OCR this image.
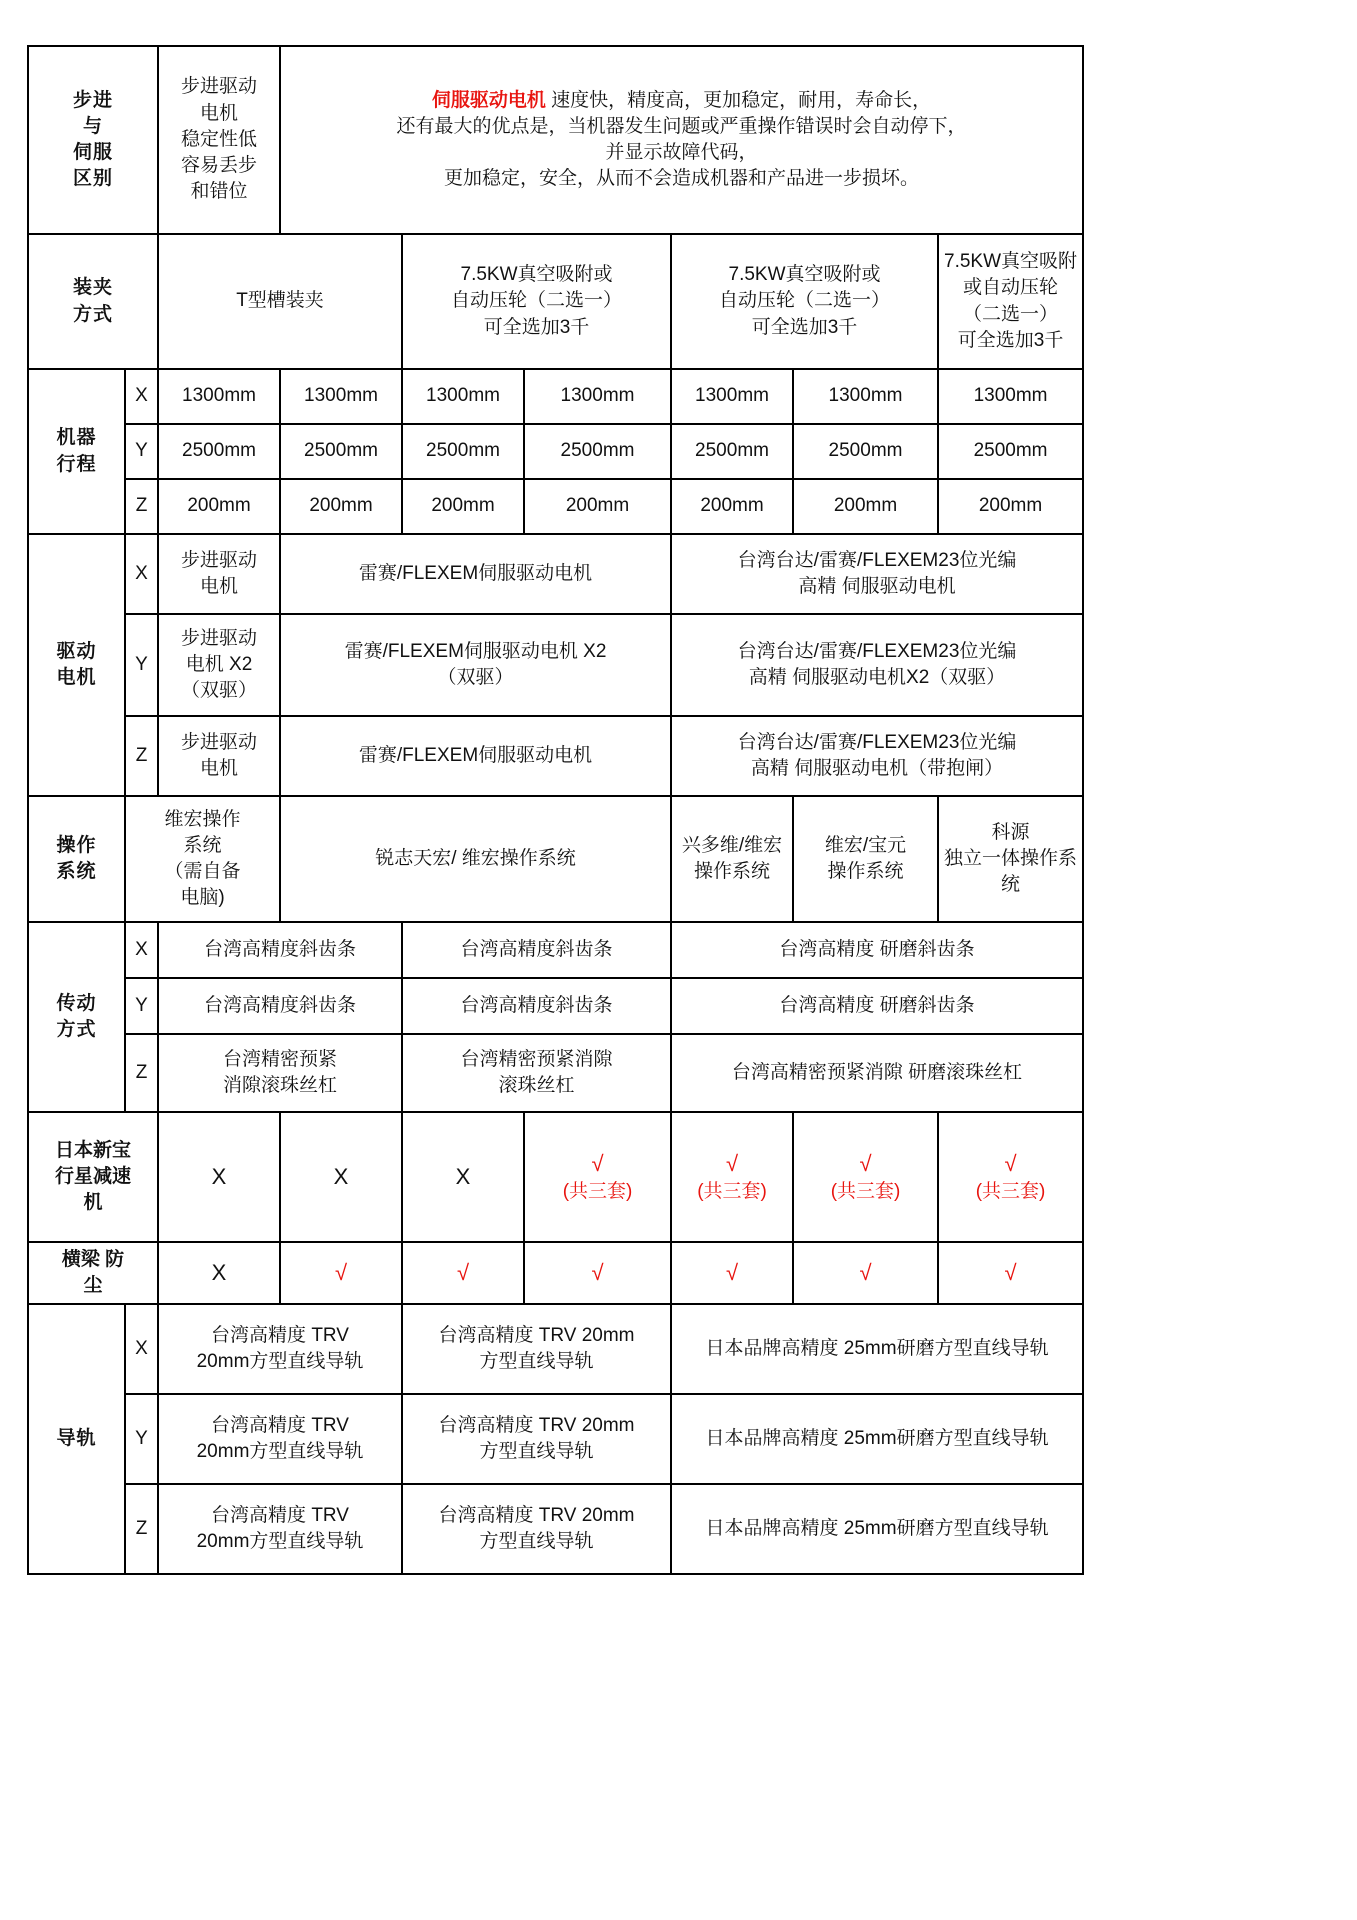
步进
与
伺服
区别		步进驱动
电机
稳定性低
容易丢步
和错位	伺服驱动电机 速度快，精度高，更加稳定，耐用，寿命长，
还有最大的优点是，当机器发生问题或严重操作错误时会自动停下，
并显示故障代码，
更加稳定，安全，从而不会造成机器和产品进一步损坏。					

装夹
方式		T型槽装夹		7.5KW真空吸附或
自动压轮（二选一）
可全选加3千		7.5KW真空吸附或
自动压轮（二选一）
可全选加3千		7.5KW真空吸附
或自动压轮
（二选一）
可全选加3千

机器
行程	X	1300mm	1300mm	1300mm	1300mm	1300mm	1300mm	1300mm
	Y	2500mm	2500mm	2500mm	2500mm	2500mm	2500mm	2500mm
	Z	200mm	200mm	200mm	200mm	200mm	200mm	200mm

驱动
电机	X	步进驱动
电机	雷赛/FLEXEM伺服驱动电机			台湾台达/雷赛/FLEXEM23位光编
高精 伺服驱动电机		

	Y	步进驱动
电机 X2
（双驱）	雷赛/FLEXEM伺服驱动电机 X2
（双驱）			台湾台达/雷赛/FLEXEM23位光编
高精 伺服驱动电机X2（双驱）		

	Z	步进驱动
电机	雷赛/FLEXEM伺服驱动电机			台湾台达/雷赛/FLEXEM23位光编
高精 伺服驱动电机（带抱闸）		

操作
系统	维宏操作
系统
（需自备
电脑)		锐志天宏/ 维宏操作系统			兴多维/维宏
操作系统	维宏/宝元
操作系统	科源
独立一体操作系
统

传动
方式	X	台湾高精度斜齿条		台湾高精度斜齿条		台湾高精度 研磨斜齿条		
	Y	台湾高精度斜齿条		台湾高精度斜齿条		台湾高精度 研磨斜齿条		
	Z	台湾精密预紧
消隙滚珠丝杠		台湾精密预紧消隙
滚珠丝杠		台湾高精密预紧消隙 研磨滚珠丝杠		

日本新宝
行星减速
机		X	X	X	√
(共三套)	√
(共三套)	√
(共三套)	√
(共三套)

横梁 防
尘		X	√	√	√	√	√	√

导轨	X	台湾高精度 TRV
20mm方型直线导轨		台湾高精度 TRV 20mm
方型直线导轨		日本品牌高精度 25mm研磨方型直线导轨		
	Y	台湾高精度 TRV
20mm方型直线导轨		台湾高精度 TRV 20mm
方型直线导轨		日本品牌高精度 25mm研磨方型直线导轨		
	Z	台湾高精度 TRV
20mm方型直线导轨		台湾高精度 TRV 20mm
方型直线导轨		日本品牌高精度 25mm研磨方型直线导轨		
